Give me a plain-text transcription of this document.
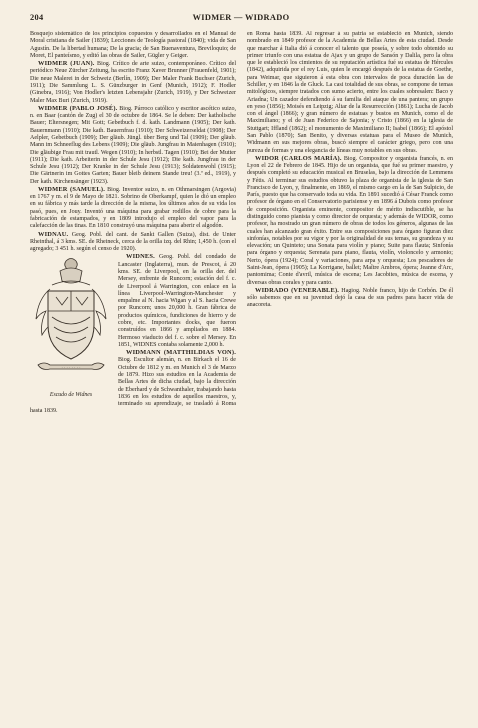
204	WIDMER — WIDRADO

Bosquejo sistemático de los principios copuestos y desarrollados en el Manual de Moral cristiana de Sailer (1839); Lecciones de Teología pastoral (1840); vida de San Agustín. De la libertad humana; De la gracia; de San Buenaventura, Breviloquio; de Moret, El panteísmo, y editó las obras de Sailer, Gügler y Geiger.

WIDMER (JUAN). Biog. Crítico de arte suizo, contemporáneo. Crítico del periódico Neue Zürcher Zeitung, ha escrito Franz Xaver Brunner (Frauenfeld, 1901); Die neue Malerei in der Schweiz (Berlín, 1909); Der Maler Frank Buchser (Zurich, 1911); Die Sammlung L. S. Günzburger in Genf (Munich, 1912); F. Hodler (Ginebra, 1916); Von Hodler's letzten Lebensjahr (Zurich, 1919), y Der Schweizer Maler Max Buri (Zurich, 1919).

WIDMER (PABLO JOSÉ). Biog. Párroco católico y escritor ascético suizo, n. en Baar (cantón de Zug) el 30 de octubre de 1864. Se le deben: Der katholische Bauer; Eltersnegen; Mit Gott; Gebetbuch f. d. kath. Landmann (1905); Der kath. Bauernmann (1910); Die kath. Bauernfrau (1910); Der Schweizerseldat (1908); Der Aelpler, Gebetbuch (1909); Der gläub. Jüngl. über Berg und Tal (1909); Der gläub. Mann im Schneeflug des Lebens (1909); Die gläub. Jungfrau in Maienhagen (1910); Die gläubige Frau mit trautl. Wegen (1910); In herbstl. Tagen (1910); Bei der Mutter (1911); Die kath. Arbeiterin in der Schule Jesu (1912); Die kath. Jungfrau in der Schule Jesu (1912); Der Kranke in der Schule Jesu (1913); Soldatenwohl (1915); Die Gärtnerin im Gottes Garten; Bauer bleib deinem Stande treu! (3.ª ed., 1919), y Der kath. Kirchensänger (1923).

WIDMER (SAMUEL). Biog. Inventor suizo, n. en Othmarsingen (Argovia) en 1767 y m. el 9 de Mayo de 1821. Sobrino de Oberkampf, quien le dió un empleo en su fábrica y más tarde la dirección de la misma, los últimos años de su vida los pasó, pues, en Jouy. Inventó una máquina para grabar rodillos de cobre para la fabricación de estampados, y en 1809 introdujo el empleo del vapor para la calefacción de las tinas. En 1810 construyó una máquina para aberir el algodón.

WIDNAU. Geog. Pobl. del cant. de Sankt Gallen (Suiza), dist. de Unter Rheinthal, á 3 kms. SE. de Rheineck, cerca de la orilla izq. del Rhin; 1,450 h. (con el agregado; 3 451 h. según el censo de 1920).

· · · · · · · ·
Escudo de Widnes

WIDNES. Geog. Pobl. del condado de Lancaster (Inglaterra), mun. de Prescot, á 20 kms. SE. de Liverpool, en la orilla der. del Mersey, enfrente de Runcorn; estación del f. c. de Liverpool á Warrington, con enlace en la línea Liverpool-Warrington-Manchester y empalme al N. hacia Wigan y al S. hacia Crewe por Runcorn; unos 20,000 h. Gran fábrica de productos químicos, fundiciones de hierro y de cobre, etc. Importantes docks, que fueron construídos en 1866 y ampliados en 1884. Hermoso viaducto del f. c. sobre el Mersey. En 1851, WIDNES contaba solamente 2,000 h.

WIDMANN (MATTHILDIAS VON). Biog. Escultor alemán, n. en Birkach el 16 de Octubre de 1812 y m. en Munich el 3 de Marzo de 1879. Hizo sus estudios en la Academia de Bellas Artes de dicha ciudad, bajo la dirección de Eberhard y de Schwanthaler, trabajando hasta 1836 en los estudios de aquellos maestros, y, terminado su aprendizaje, se trasladó á Roma hasta 1839.

en Roma hasta 1839. Al regresar á su patria se estableció en Munich, siendo nombrado en 1849 profesor de la Academia de Bellas Artes de esta ciudad. Desde que marchar á Italia dió á conocer el talento que poseía, y sobre todo obtenido su primer triunfo con una estatua de Ajax y un grupo de Sansón y Dalila, pero la obra que le estableció los cimientos de su reputación artística fué su estatua de Hércules (1842), adquirida por el rey Luis, quien le encargó después de la estatua de Goethe, para Weimar, que siguieron á esta obra con intervalos de poca duración las de Schiller, y en 1846 la de Gluck. La casi totalidad de sus obras, se compone de temas mitológicos, siempre tratados con sumo acierto, entre los cuales sobresalen: Baco y Ariadna; Un cazador defendiendo á su familia del ataque de una pantera; un grupo en yeso (1856); Moisés en Leipzig; Altar de la Resurrección (1861); Lucha de Jacob con el ángel (1866); y gran número de estatuas y bustos en Munich, como el de Maximiliano; y el de Juan Federico de Sajonia; y Cristo (1866) en la iglesia de Stuttgart; Iffland (1862); el monumento de Maximiliano II; Isabel (1866); El apóstol San Pablo (1870); San Benito, y diversas estatuas para el Museo de Munich, Widmann en sus mejores obras, buscó siempre el carácter griego, pero con una pureza de formas y una elegancia de líneas muy notables en sus obras.

WIDOR (CARLOS MARÍA). Biog. Compositor y organista francés, n. en Lyon el 22 de Febrero de 1845. Hijo de un organista, que fué su primer maestro, y después completó su educación musical en Bruselas, bajo la dirección de Lemmens y Fétis. Al terminar sus estudios obtuvo la plaza de organista de la iglesia de San Francisco de Lyon, y, finalmente, en 1869, el mismo cargo en la de San Sulpicio, de París, puesto que ha conservado toda su vida. En 1891 sucedió á César Franck como profesor de órgano en el Conservatorio parisiense y en 1896 á Dubois como profesor de composición. Organista eminente, compositor de mérito indiscutible, se ha distinguido como pianista y como director de orquesta; y además de WIDOR, como profesor, ha mostrado un gran número de obras de todos los géneros, algunas de las cuales han alcanzado gran éxito. Entre sus composiciones para órgano figuran diez sinfonías, notables por su vigor y por la originalidad de sus temas, su grandeza y su elevación; un Quinteto; una Sonata para violín y piano; Suite para flauta; Sinfonía para órgano y orquesta; Serenata para piano, flauta, violín, violoncelo y armonio; Nerto, ópera (1924); Coral y variaciones, para arpa y orquesta; Los pescadores de Saint-Jean, ópera (1905); La Korrigane, ballet; Maître Ambros, ópera; Jeanne d'Arc, pantomima; Conte d'avril, música de escena; Les Jacobites, música de escena, y diversas obras corales y para canto.

WIDRADO (VENERABLE). Hagiog. Noble franco, hijo de Corbón. De él sólo sabemos que en su juventud dejó la casa de sus padres para hacer vida de anacoreta.
